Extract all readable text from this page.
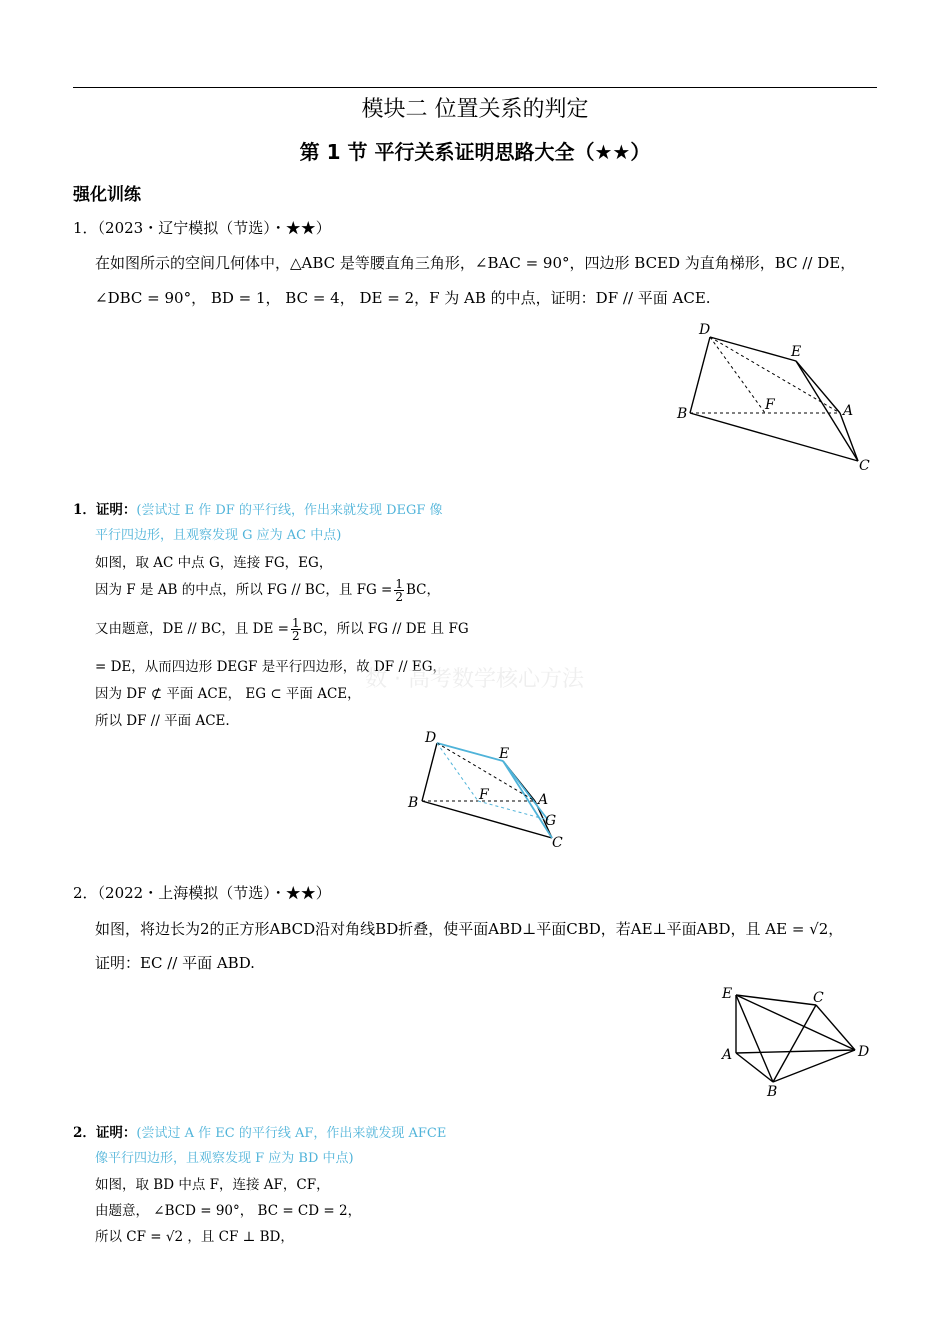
模块二 位置关系的判定
第 1 节 平行关系证明思路大全（★★）
强化训练
1．（2023・辽宁模拟（节选）・★★）
在如图所示的空间几何体中，△ABC 是等腰直角三角形，∠BAC = 90°，四边形 BCED 为直角梯形，BC // DE，
∠DBC = 90°， BD = 1， BC = 4， DE = 2，F 为 AB 的中点，证明：DF // 平面 ACE.
D
E
F
B	A
C
1．证明：(尝试过 E 作 DF 的平行线，作出来就发现 DEGF 像
平行四边形，且观察发现 G 应为 AC 中点)
如图，取 AC 中点 G，连接 FG，EG，
因为 F 是 AB 的中点，所以 FG // BC，且 FG = $\frac{1}{2}$ BC，
又由题意，DE // BC，且 DE = $\frac{1}{2}$ BC，所以 FG // DE 且 FG
= DE，从而四边形 DEGF 是平行四边形，故 DF // EG，
数 · 高考数学核心方法
因为 DF ⊄ 平面 ACE， EG ⊂ 平面 ACE，
所以 DF // 平面 ACE.
D
E
F
B	A
G
C
2．（2022・上海模拟（节选）・★★）
如图，将边长为2的正方形ABCD沿对角线BD折叠，使平面ABD⊥平面CBD，若AE⊥平面ABD，且 AE = √2，
证明：EC // 平面 ABD.
E	C
A	D
B
2．证明：(尝试过 A 作 EC 的平行线 AF，作出来就发现 AFCE
像平行四边形，且观察发现 F 应为 BD 中点)
如图，取 BD 中点 F，连接 AF，CF，
由题意， ∠BCD = 90°， BC = CD = 2，
所以 CF = √2 ，且 CF ⊥ BD，
